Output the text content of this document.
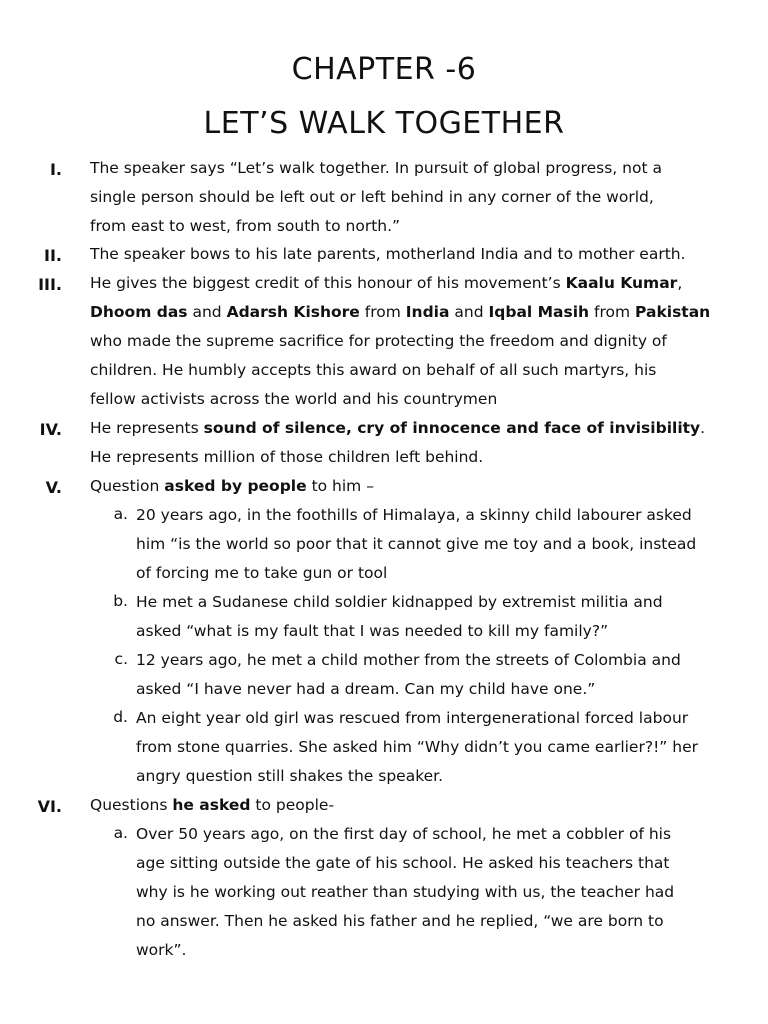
CHAPTER -6
LET’S WALK TOGETHER
I. The speaker says “Let’s walk together. In pursuit of global progress, not a
single person should be left out or left behind in any corner of the world,
from east to west, from south to north.”
II. The speaker bows to his late parents, motherland India and to mother earth.
III. He gives the biggest credit of this honour of his movement’s Kaalu Kumar,
Dhoom das and Adarsh Kishore from India and Iqbal Masih from Pakistan
who made the supreme sacrifice for protecting the freedom and dignity of
children. He humbly accepts this award on behalf of all such martyrs, his
fellow activists across the world and his countrymen
IV. He represents sound of silence, cry of innocence and face of invisibility.
He represents million of those children left behind.
V. Question asked by people to him –
a. 20 years ago, in the foothills of Himalaya, a skinny child labourer asked
him “is the world so poor that it cannot give me toy and a book, instead
of forcing me to take gun or tool
b. He met a Sudanese child soldier kidnapped by extremist militia and
asked “what is my fault that I was needed to kill my family?”
c. 12 years ago, he met a child mother from the streets of Colombia and
asked “I have never had a dream. Can my child have one.”
d. An eight year old girl was rescued from intergenerational forced labour
from stone quarries. She asked him “Why didn’t you came earlier?!” her
angry question still shakes the speaker.
VI. Questions he asked to people-
a. Over 50 years ago, on the first day of school, he met a cobbler of his
age sitting outside the gate of his school. He asked his teachers that
why is he working out reather than studying with us, the teacher had
no answer. Then he asked his father and he replied, “we are born to
work”.
